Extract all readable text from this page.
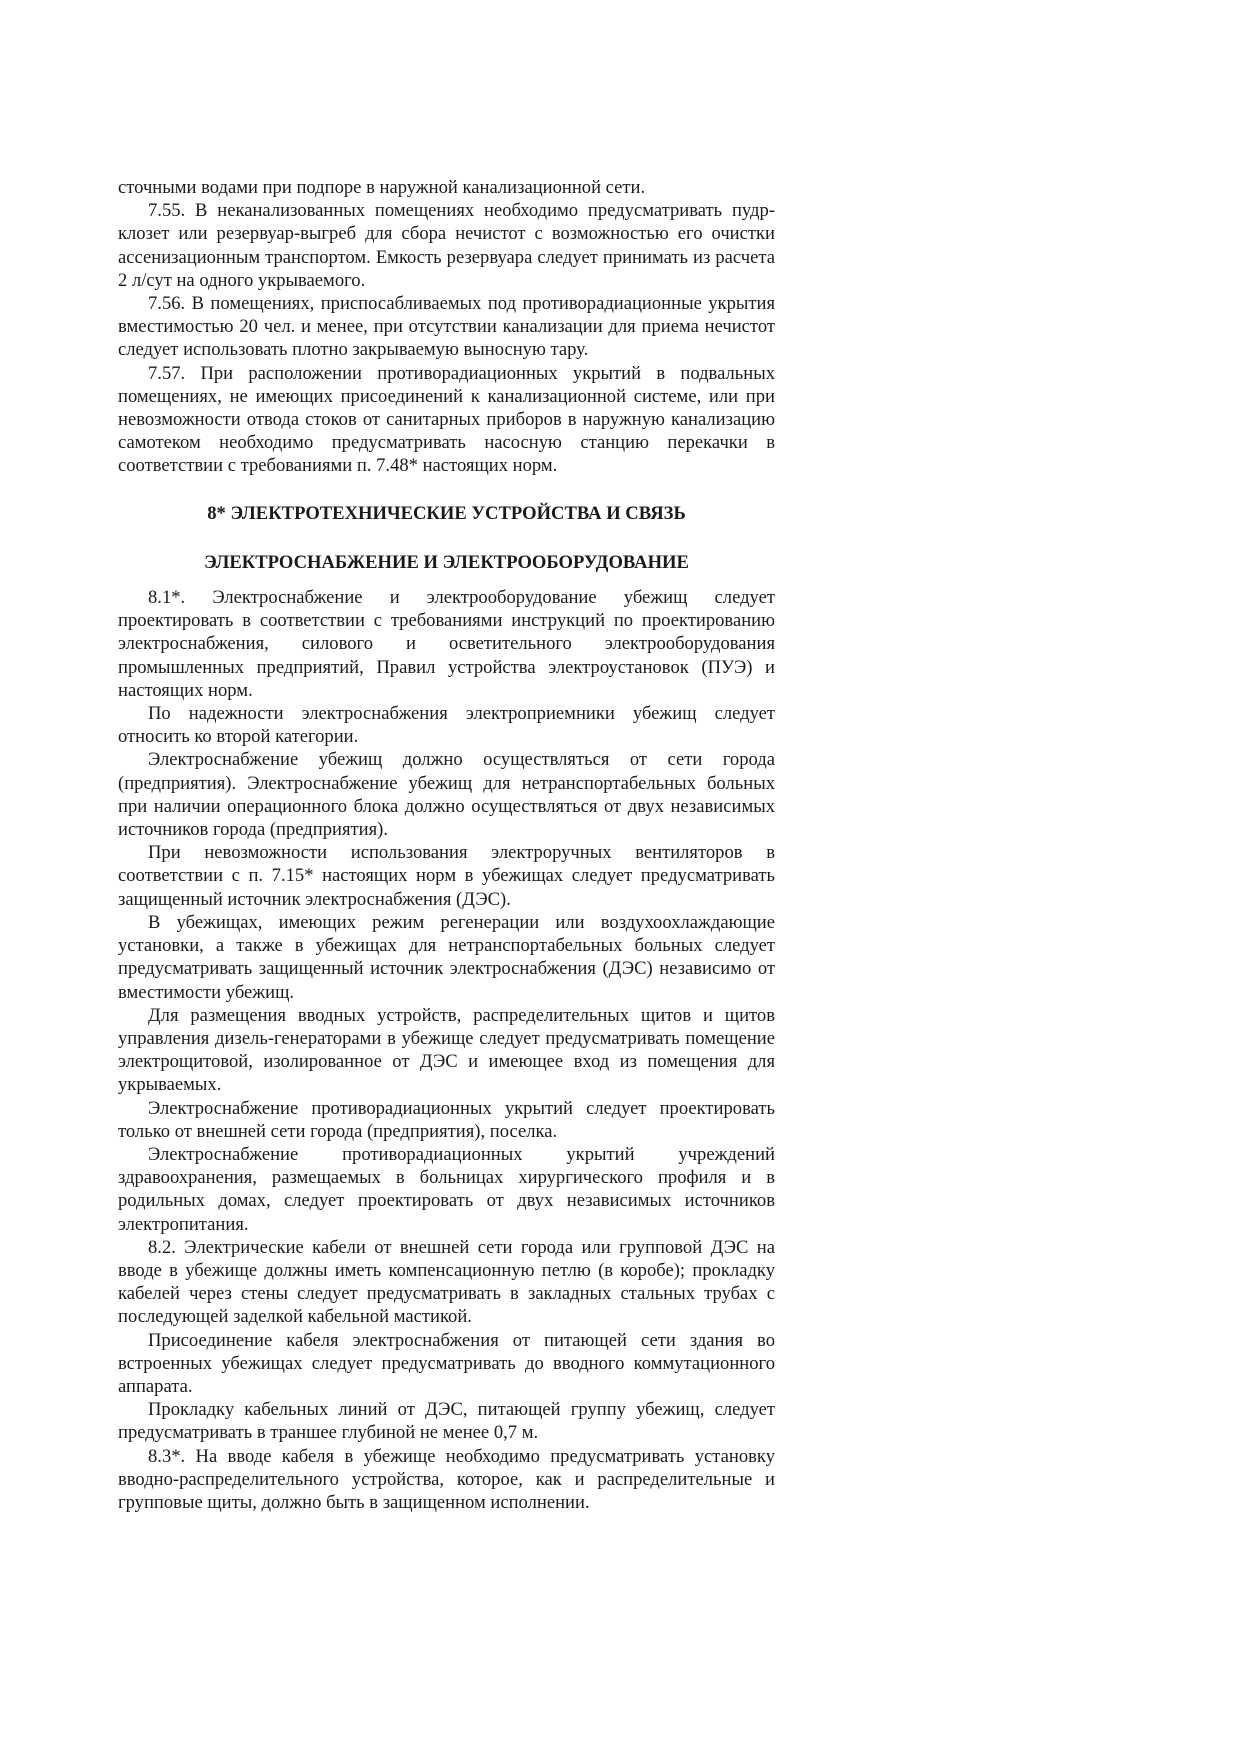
сточными водами при подпоре в наружной канализационной сети.

7.55. В неканализованных помещениях необходимо предусматривать пудр-клозет или резервуар-выгреб для сбора нечистот с возможностью его очистки ассенизационным транспортом. Емкость резервуара следует принимать из расчета 2 л/сут на одного укрываемого.

7.56. В помещениях, приспосабливаемых под противорадиационные укрытия вместимостью 20 чел. и менее, при отсутствии канализации для приема нечистот следует использовать плотно закрываемую выносную тару.

7.57. При расположении противорадиационных укрытий в подвальных помещениях, не имеющих присоединений к канализационной системе, или при невозможности отвода стоков от санитарных приборов в наружную канализацию самотеком необходимо предусматривать насосную станцию перекачки в соответствии с требованиями п. 7.48* настоящих норм.

8* ЭЛЕКТРОТЕХНИЧЕСКИЕ УСТРОЙСТВА И СВЯЗЬ
ЭЛЕКТРОСНАБЖЕНИЕ И ЭЛЕКТРООБОРУДОВАНИЕ

8.1*. Электроснабжение и электрооборудование убежищ следует проектировать в соответствии с требованиями инструкций по проектированию электроснабжения, силового и осветительного электрооборудования промышленных предприятий, Правил устройства электроустановок (ПУЭ) и настоящих норм.

По надежности электроснабжения электроприемники убежищ следует относить ко второй категории.

Электроснабжение убежищ должно осуществляться от сети города (предприятия). Электроснабжение убежищ для нетранспортабельных больных при наличии операционного блока должно осуществляться от двух независимых источников города (предприятия).

При невозможности использования электроручных вентиляторов в соответствии с п. 7.15* настоящих норм в убежищах следует предусматривать защищенный источник электроснабжения (ДЭС).

В убежищах, имеющих режим регенерации или воздухоохлаждающие установки, а также в убежищах для нетранспортабельных больных следует предусматривать защищенный источник электроснабжения (ДЭС) независимо от вместимости убежищ.

Для размещения вводных устройств, распределительных щитов и щитов управления дизель-генераторами в убежище следует предусматривать помещение электрощитовой, изолированное от ДЭС и имеющее вход из помещения для укрываемых.

Электроснабжение противорадиационных укрытий следует проектировать только от внешней сети города (предприятия), поселка.

Электроснабжение противорадиационных укрытий учреждений здравоохранения, размещаемых в больницах хирургического профиля и в родильных домах, следует проектировать от двух независимых источников электропитания.

8.2. Электрические кабели от внешней сети города или групповой ДЭС на вводе в убежище должны иметь компенсационную петлю (в коробе); прокладку кабелей через стены следует предусматривать в закладных стальных трубах с последующей заделкой кабельной мастикой.

Присоединение кабеля электроснабжения от питающей сети здания во встроенных убежищах следует предусматривать до вводного коммутационного аппарата.

Прокладку кабельных линий от ДЭС, питающей группу убежищ, следует предусматривать в траншее глубиной не менее 0,7 м.

8.3*. На вводе кабеля в убежище необходимо предусматривать установку вводно-распределительного устройства, которое, как и распределительные и групповые щиты, должно быть в защищенном исполнении.
